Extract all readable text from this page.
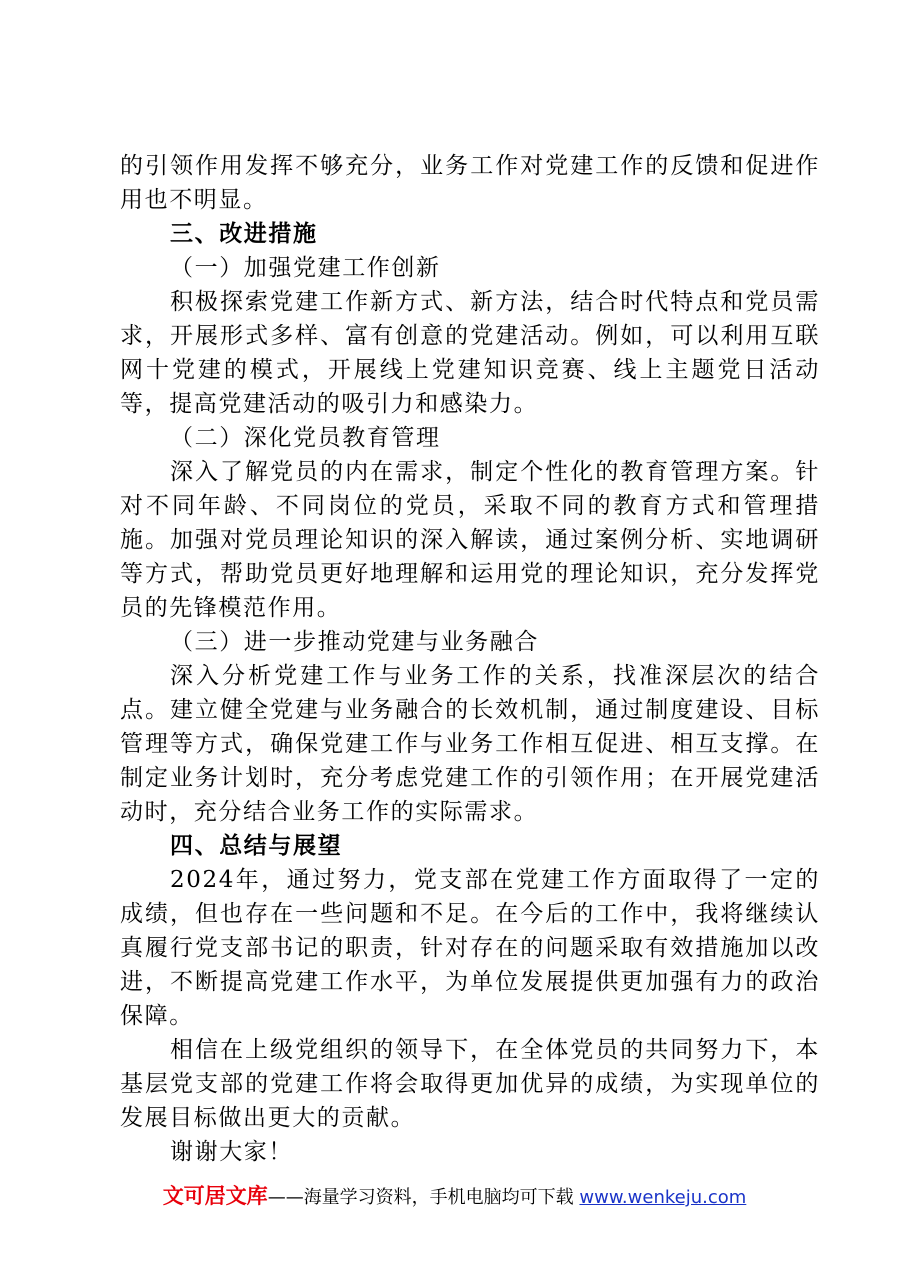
的引领作用发挥不够充分，业务工作对党建工作的反馈和促进作用也不明显。

三、改进措施

（一）加强党建工作创新

积极探索党建工作新方式、新方法，结合时代特点和党员需求，开展形式多样、富有创意的党建活动。例如，可以利用互联网十党建的模式，开展线上党建知识竞赛、线上主题党日活动等，提高党建活动的吸引力和感染力。

（二）深化党员教育管理

深入了解党员的内在需求，制定个性化的教育管理方案。针对不同年龄、不同岗位的党员，采取不同的教育方式和管理措施。加强对党员理论知识的深入解读，通过案例分析、实地调研等方式，帮助党员更好地理解和运用党的理论知识，充分发挥党员的先锋模范作用。

（三）进一步推动党建与业务融合

深入分析党建工作与业务工作的关系，找准深层次的结合点。建立健全党建与业务融合的长效机制，通过制度建设、目标管理等方式，确保党建工作与业务工作相互促进、相互支撑。在制定业务计划时，充分考虑党建工作的引领作用；在开展党建活动时，充分结合业务工作的实际需求。

四、总结与展望

2024年，通过努力，党支部在党建工作方面取得了一定的成绩，但也存在一些问题和不足。在今后的工作中，我将继续认真履行党支部书记的职责，针对存在的问题采取有效措施加以改进，不断提高党建工作水平，为单位发展提供更加强有力的政治保障。

相信在上级党组织的领导下，在全体党员的共同努力下，本基层党支部的党建工作将会取得更加优异的成绩，为实现单位的发展目标做出更大的贡献。

谢谢大家！

文可居文库——海量学习资料，手机电脑均可下载 www.wenkeju.com
